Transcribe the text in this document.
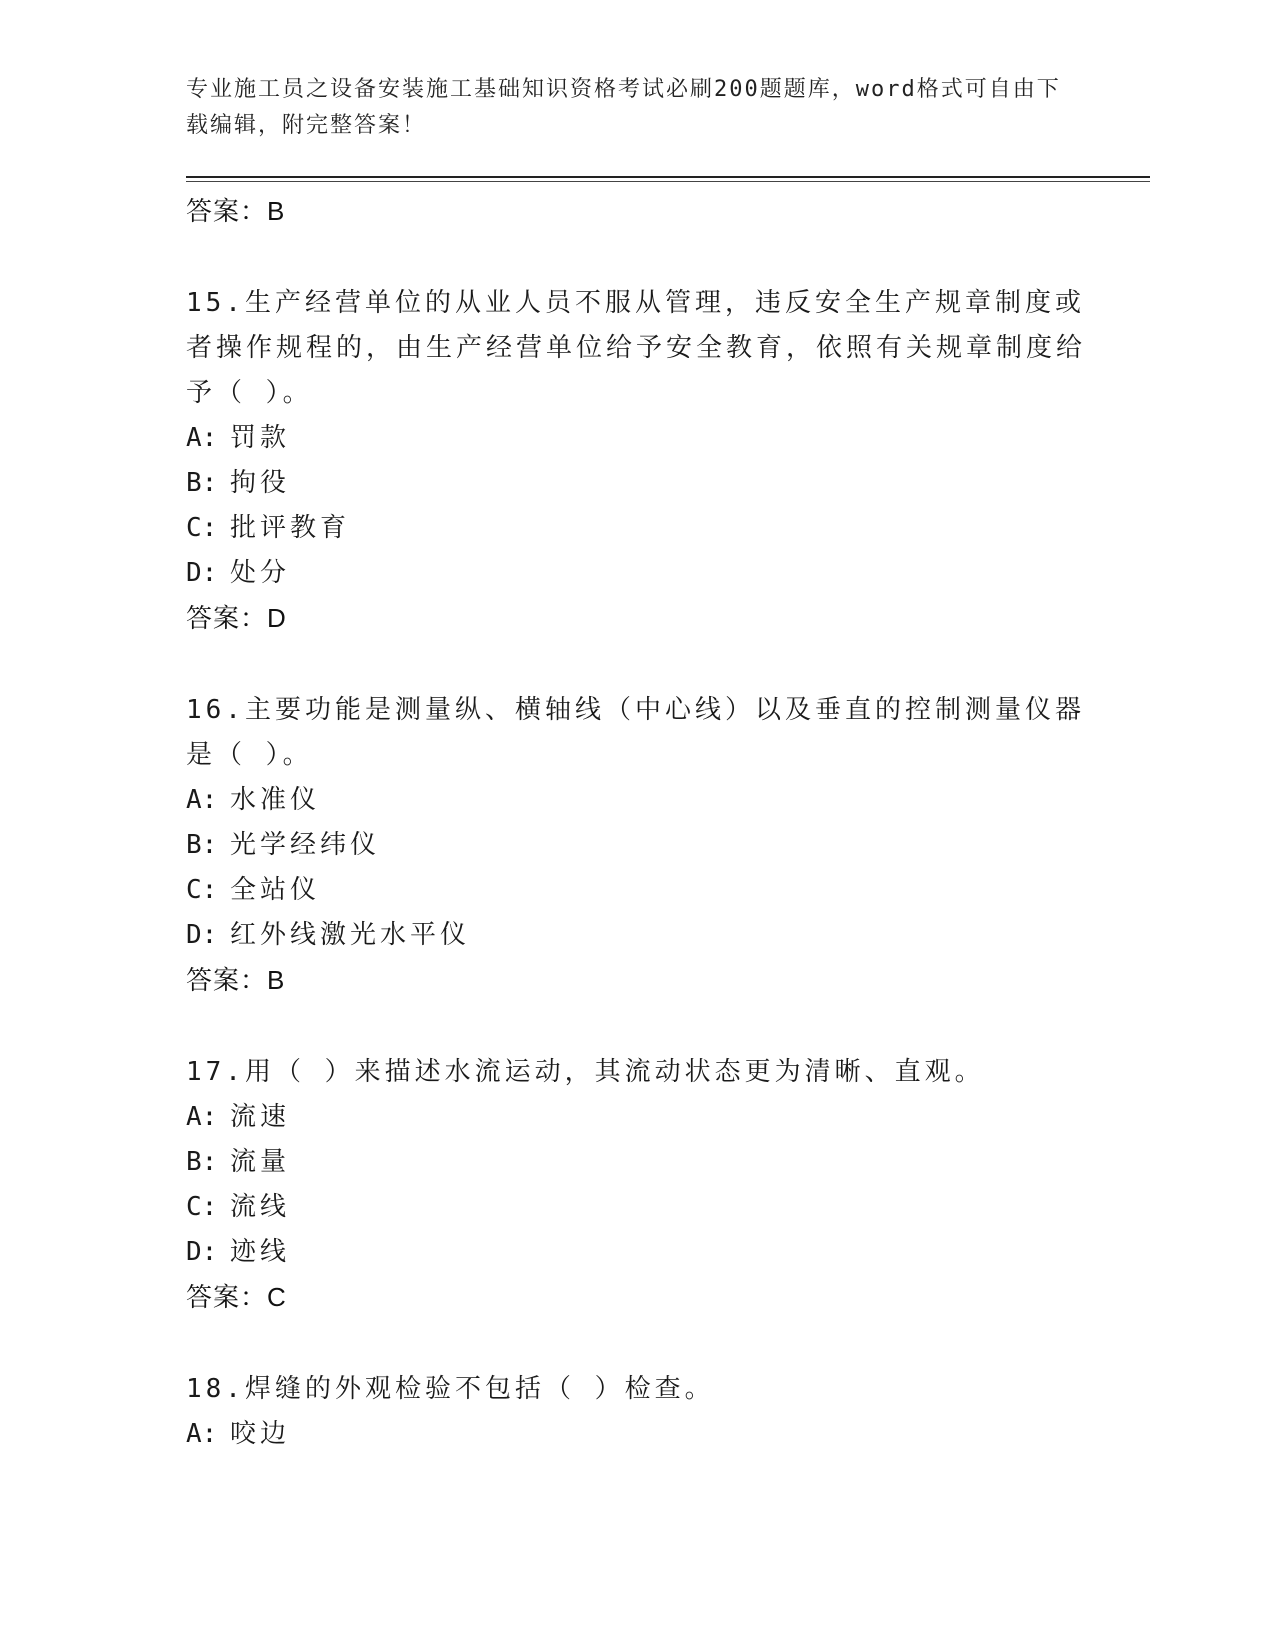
专业施工员之设备安装施工基础知识资格考试必刷200题题库，word格式可自由下载编辑，附完整答案！
答案：B
15.生产经营单位的从业人员不服从管理，违反安全生产规章制度或者操作规程的，由生产经营单位给予安全教育，依照有关规章制度给予（ ）。
A: 罚款
B: 拘役
C: 批评教育
D: 处分
答案：D
16.主要功能是测量纵、横轴线（中心线）以及垂直的控制测量仪器是（ ）。
A: 水准仪
B: 光学经纬仪
C: 全站仪
D: 红外线激光水平仪
答案：B
17.用（ ）来描述水流运动，其流动状态更为清晰、直观。
A: 流速
B: 流量
C: 流线
D: 迹线
答案：C
18.焊缝的外观检验不包括（ ）检查。
A: 咬边
